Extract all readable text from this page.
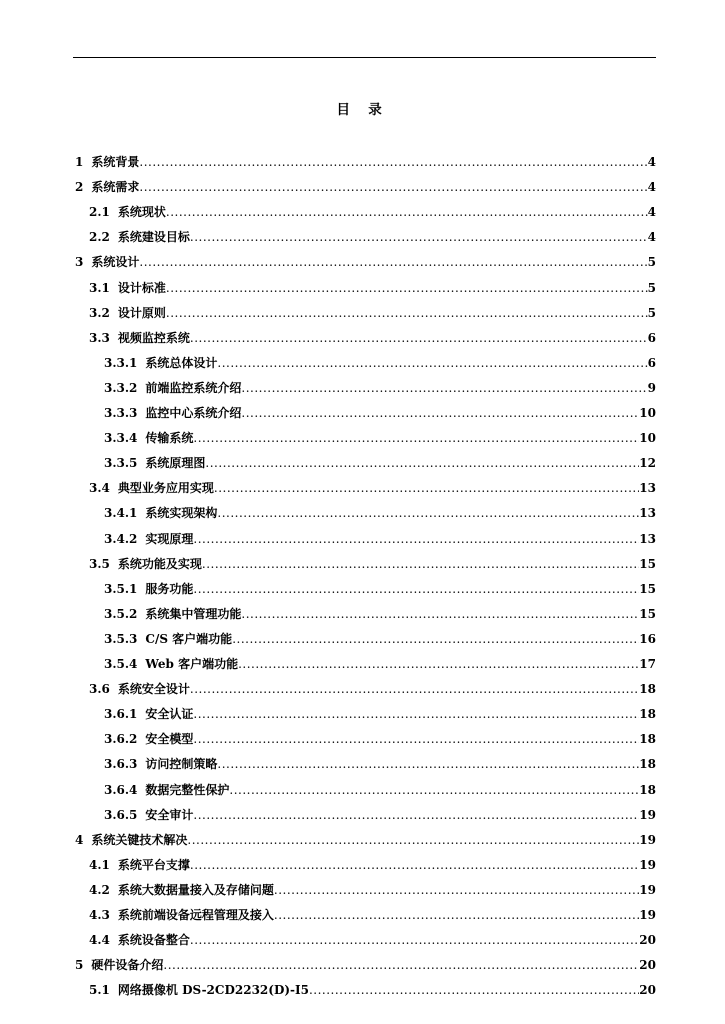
目 录
1 系统背景 .....	4
2 系统需求 .....	4
2.1 系统现状 .....	4
2.2 系统建设目标 .....	4
3 系统设计 .....	5
3.1 设计标准 .....	5
3.2 设计原则 .....	5
3.3 视频监控系统 .....	6
3.3.1 系统总体设计 .....	6
3.3.2 前端监控系统介绍 .....	9
3.3.3 监控中心系统介绍 .....	10
3.3.4 传输系统 .....	10
3.3.5 系统原理图 .....	12
3.4 典型业务应用实现 .....	13
3.4.1 系统实现架构 .....	13
3.4.2 实现原理 .....	13
3.5 系统功能及实现 .....	15
3.5.1 服务功能 .....	15
3.5.2 系统集中管理功能 .....	15
3.5.3 C/S 客户端功能 .....	16
3.5.4 Web 客户端功能 .....	17
3.6 系统安全设计 .....	18
3.6.1 安全认证 .....	18
3.6.2 安全模型 .....	18
3.6.3 访问控制策略 .....	18
3.6.4 数据完整性保护 .....	18
3.6.5 安全审计 .....	19
4 系统关键技术解决 .....	19
4.1 系统平台支撑 .....	19
4.2 系统大数据量接入及存储问题 .....	19
4.3 系统前端设备远程管理及接入 .....	19
4.4 系统设备整合 .....	20
5 硬件设备介绍 .....	20
5.1 网络摄像机 DS-2CD2232(D)-I5 .....	20
